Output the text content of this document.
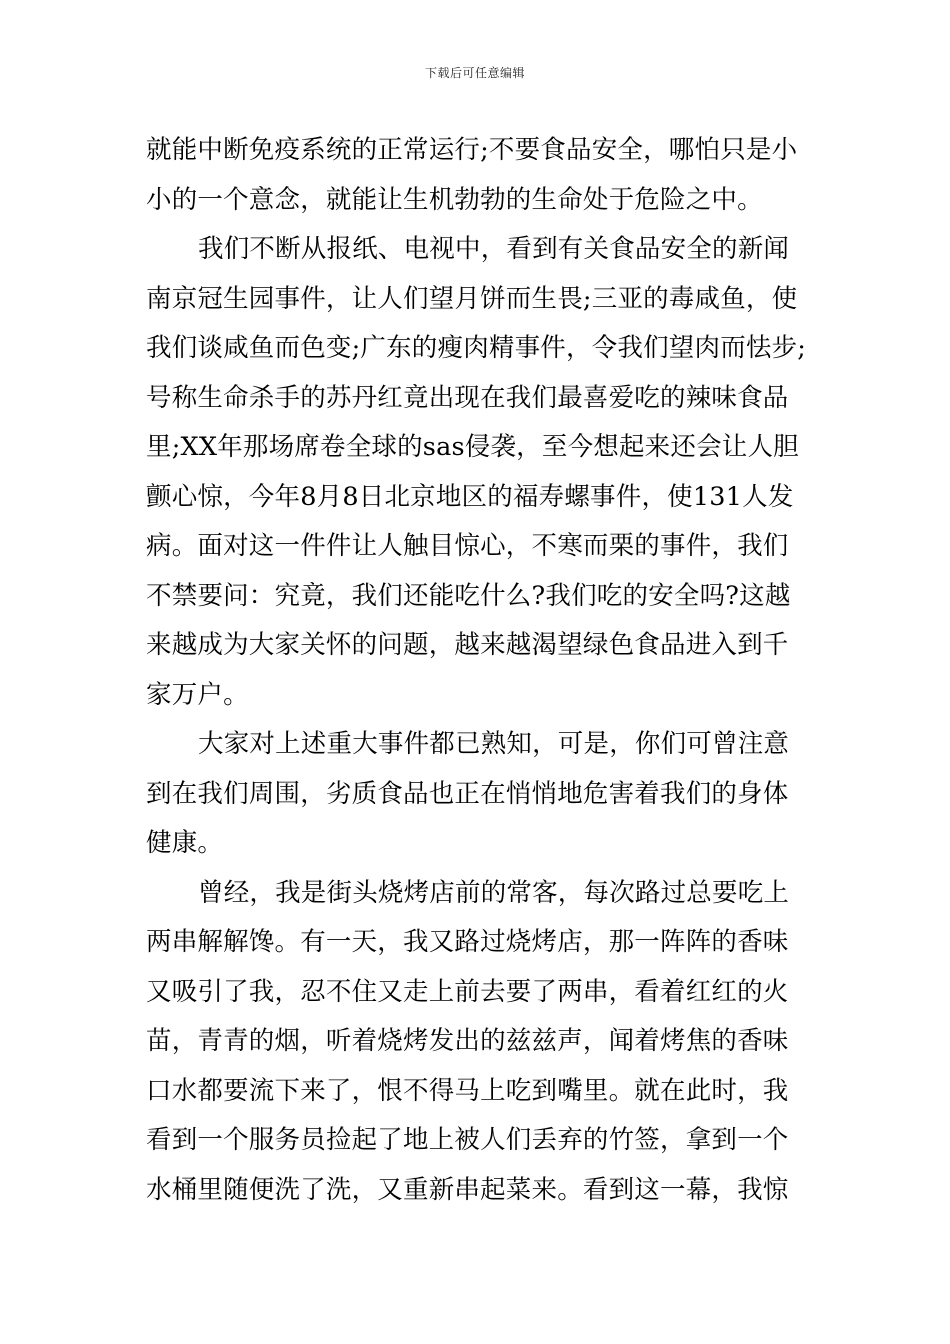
下载后可任意编辑
就能中断免疫系统的正常运行;不要食品安全，哪怕只是小
小的一个意念，就能让生机勃勃的生命处于危险之中。
我们不断从报纸、电视中，看到有关食品安全的新闻
南京冠生园事件，让人们望月饼而生畏;三亚的毒咸鱼，使
我们谈咸鱼而色变;广东的瘦肉精事件，令我们望肉而怯步;
号称生命杀手的苏丹红竟出现在我们最喜爱吃的辣味食品
里;XX年那场席卷全球的sas侵袭，至今想起来还会让人胆
颤心惊，今年8月8日北京地区的福寿螺事件，使131人发
病。面对这一件件让人触目惊心，不寒而栗的事件，我们
不禁要问：究竟，我们还能吃什么?我们吃的安全吗?这越
来越成为大家关怀的问题，越来越渴望绿色食品进入到千
家万户。
大家对上述重大事件都已熟知，可是，你们可曾注意
到在我们周围，劣质食品也正在悄悄地危害着我们的身体
健康。
曾经，我是街头烧烤店前的常客，每次路过总要吃上
两串解解馋。有一天，我又路过烧烤店，那一阵阵的香味
又吸引了我，忍不住又走上前去要了两串，看着红红的火
苗，青青的烟，听着烧烤发出的兹兹声，闻着烤焦的香味
口水都要流下来了，恨不得马上吃到嘴里。就在此时，我
看到一个服务员捡起了地上被人们丢弃的竹签，拿到一个
水桶里随便洗了洗，又重新串起菜来。看到这一幕，我惊
